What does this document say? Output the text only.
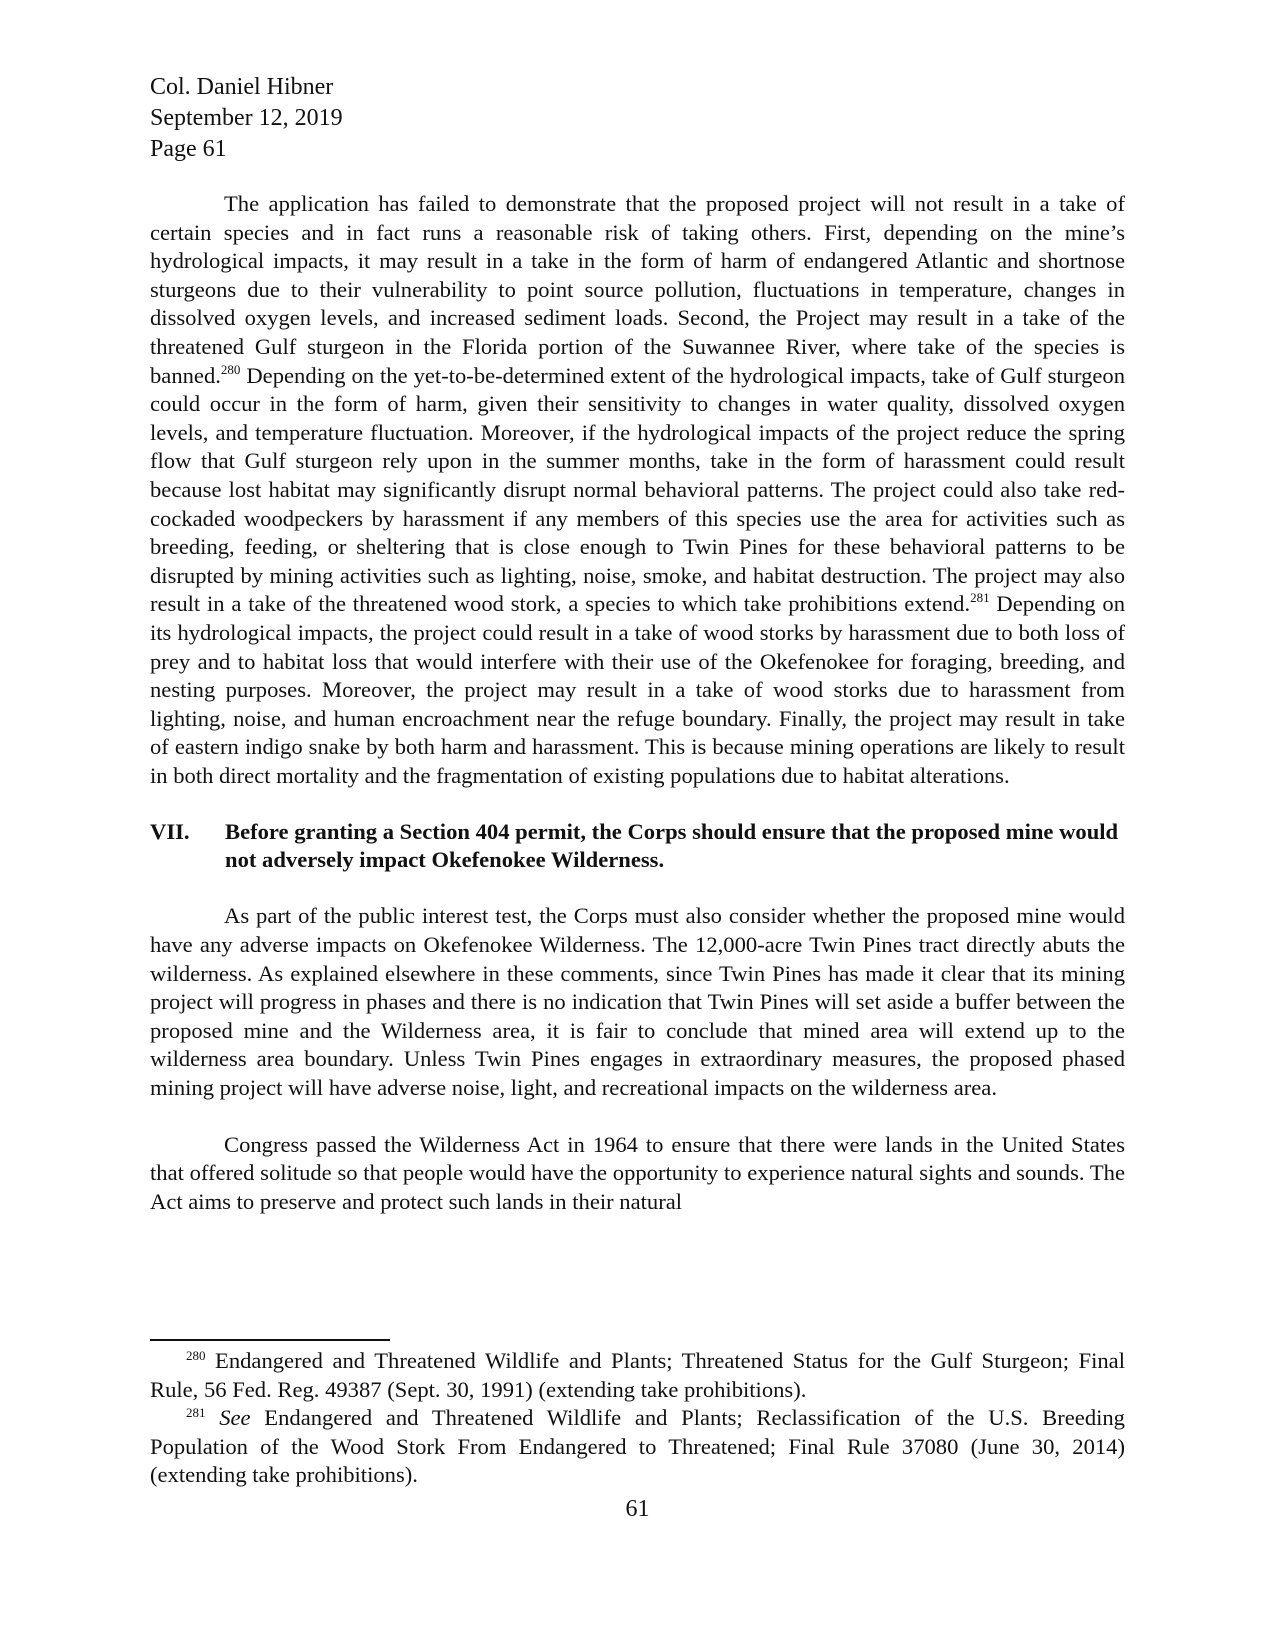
Col. Daniel Hibner
September 12, 2019
Page 61

The application has failed to demonstrate that the proposed project will not result in a take of certain species and in fact runs a reasonable risk of taking others. First, depending on the mine’s hydrological impacts, it may result in a take in the form of harm of endangered Atlantic and shortnose sturgeons due to their vulnerability to point source pollution, fluctuations in temperature, changes in dissolved oxygen levels, and increased sediment loads. Second, the Project may result in a take of the threatened Gulf sturgeon in the Florida portion of the Suwannee River, where take of the species is banned.$^{280}$ Depending on the yet-to-be-determined extent of the hydrological impacts, take of Gulf sturgeon could occur in the form of harm, given their sensitivity to changes in water quality, dissolved oxygen levels, and temperature fluctuation. Moreover, if the hydrological impacts of the project reduce the spring flow that Gulf sturgeon rely upon in the summer months, take in the form of harassment could result because lost habitat may significantly disrupt normal behavioral patterns. The project could also take red-cockaded woodpeckers by harassment if any members of this species use the area for activities such as breeding, feeding, or sheltering that is close enough to Twin Pines for these behavioral patterns to be disrupted by mining activities such as lighting, noise, smoke, and habitat destruction. The project may also result in a take of the threatened wood stork, a species to which take prohibitions extend.$^{281}$ Depending on its hydrological impacts, the project could result in a take of wood storks by harassment due to both loss of prey and to habitat loss that would interfere with their use of the Okefenokee for foraging, breeding, and nesting purposes. Moreover, the project may result in a take of wood storks due to harassment from lighting, noise, and human encroachment near the refuge boundary. Finally, the project may result in take of eastern indigo snake by both harm and harassment. This is because mining operations are likely to result in both direct mortality and the fragmentation of existing populations due to habitat alterations.

VII.	Before granting a Section 404 permit, the Corps should ensure that the proposed mine would not adversely impact Okefenokee Wilderness.

As part of the public interest test, the Corps must also consider whether the proposed mine would have any adverse impacts on Okefenokee Wilderness. The 12,000-acre Twin Pines tract directly abuts the wilderness. As explained elsewhere in these comments, since Twin Pines has made it clear that its mining project will progress in phases and there is no indication that Twin Pines will set aside a buffer between the proposed mine and the Wilderness area, it is fair to conclude that mined area will extend up to the wilderness area boundary. Unless Twin Pines engages in extraordinary measures, the proposed phased mining project will have adverse noise, light, and recreational impacts on the wilderness area.

Congress passed the Wilderness Act in 1964 to ensure that there were lands in the United States that offered solitude so that people would have the opportunity to experience natural sights and sounds. The Act aims to preserve and protect such lands in their natural

$^{280}$ Endangered and Threatened Wildlife and Plants; Threatened Status for the Gulf Sturgeon; Final Rule, 56 Fed. Reg. 49387 (Sept. 30, 1991) (extending take prohibitions).

$^{281}$ See Endangered and Threatened Wildlife and Plants; Reclassification of the U.S. Breeding Population of the Wood Stork From Endangered to Threatened; Final Rule 37080 (June 30, 2014) (extending take prohibitions).

61
